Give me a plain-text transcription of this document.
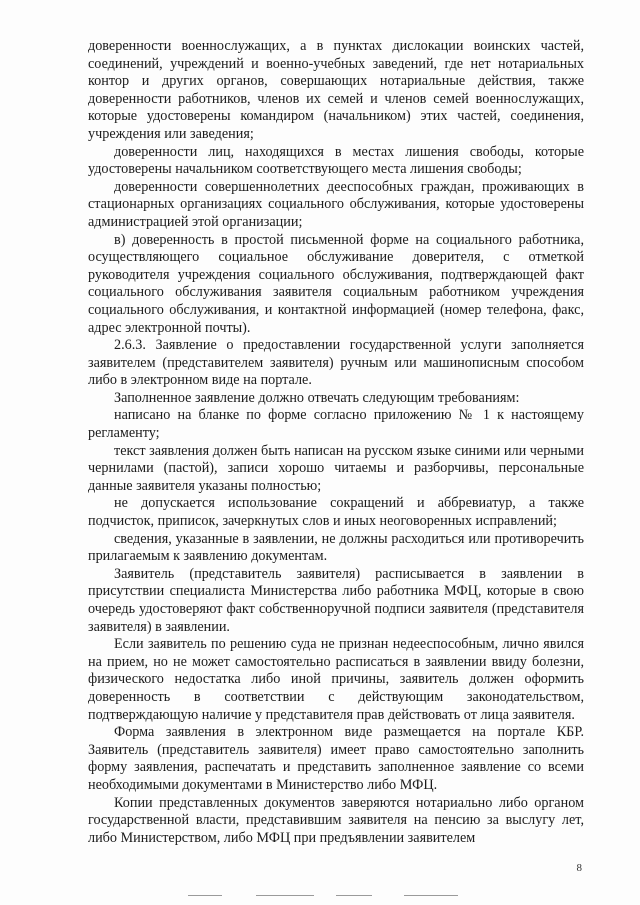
доверенности военнослужащих, а в пунктах дислокации воинских частей, соединений, учреждений и военно-учебных заведений, где нет нотариальных контор и других органов, совершающих нотариальные действия, также доверенности работников, членов их семей и членов семей военнослужащих, которые удостоверены командиром (начальником) этих частей, соединения, учреждения или заведения;

доверенности лиц, находящихся в местах лишения свободы, которые удостоверены начальником соответствующего места лишения свободы;

доверенности совершеннолетних дееспособных граждан, проживающих в стационарных организациях социального обслуживания, которые удостоверены администрацией этой организации;

в) доверенность в простой письменной форме на социального работника, осуществляющего социальное обслуживание доверителя, с отметкой руководителя учреждения социального обслуживания, подтверждающей факт социального обслуживания заявителя социальным работником учреждения социального обслуживания, и контактной информацией (номер телефона, факс, адрес электронной почты).

2.6.3. Заявление о предоставлении государственной услуги заполняется заявителем (представителем заявителя) ручным или машинописным способом либо в электронном виде на портале.

Заполненное заявление должно отвечать следующим требованиям:

написано на бланке по форме согласно приложению № 1 к настоящему регламенту;

текст заявления должен быть написан на русском языке синими или черными чернилами (пастой), записи хорошо читаемы и разборчивы, персональные данные заявителя указаны полностью;

не допускается использование сокращений и аббревиатур, а также подчисток, приписок, зачеркнутых слов и иных неоговоренных исправлений;

сведения, указанные в заявлении, не должны расходиться или противоречить прилагаемым к заявлению документам.

Заявитель (представитель заявителя) расписывается в заявлении в присутствии специалиста Министерства либо работника МФЦ, которые в свою очередь удостоверяют факт собственноручной подписи заявителя (представителя заявителя) в заявлении.

Если заявитель по решению суда не признан недееспособным, лично явился на прием, но не может самостоятельно расписаться в заявлении ввиду болезни, физического недостатка либо иной причины, заявитель должен оформить доверенность в соответствии с действующим законодательством, подтверждающую наличие у представителя прав действовать от лица заявителя.

Форма заявления в электронном виде размещается на портале КБР. Заявитель (представитель заявителя) имеет право самостоятельно заполнить форму заявления, распечатать и представить заполненное заявление со всеми необходимыми документами в Министерство либо МФЦ.

Копии представленных документов заверяются нотариально либо органом государственной власти, представившим заявителя на пенсию за выслугу лет, либо Министерством, либо МФЦ при предъявлении заявителем

8
